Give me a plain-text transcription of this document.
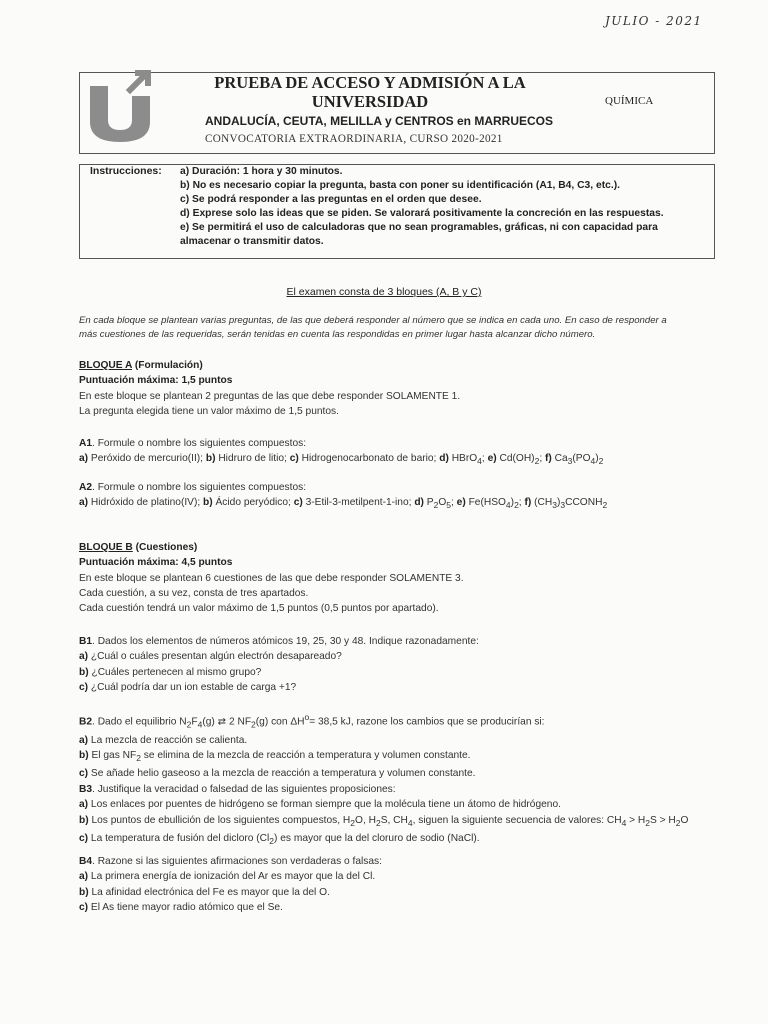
JULIO - 2021
PRUEBA DE ACCESO Y ADMISIÓN A LA
UNIVERSIDAD
ANDALUCÍA, CEUTA, MELILLA y CENTROS en MARRUECOS
CONVOCATORIA EXTRAORDINARIA, CURSO 2020-2021
QUÍMICA
Instrucciones: a) Duración: 1 hora y 30 minutos.
b) No es necesario copiar la pregunta, basta con poner su identificación (A1, B4, C3, etc.).
c) Se podrá responder a las preguntas en el orden que desee.
d) Exprese solo las ideas que se piden. Se valorará positivamente la concreción en las respuestas.
e) Se permitirá el uso de calculadoras que no sean programables, gráficas, ni con capacidad para
almacenar o transmitir datos.
El examen consta de 3 bloques (A, B y C)
En cada bloque se plantean varias preguntas, de las que deberá responder al número que se indica en cada uno. En caso de responder a
más cuestiones de las requeridas, serán tenidas en cuenta las respondidas en primer lugar hasta alcanzar dicho número.
BLOQUE A (Formulación)
Puntuación máxima: 1,5 puntos
En este bloque se plantean 2 preguntas de las que debe responder SOLAMENTE 1.
La pregunta elegida tiene un valor máximo de 1,5 puntos.
A1. Formule o nombre los siguientes compuestos:
a) Peróxido de mercurio(II); b) Hidruro de litio; c) Hidrogenocarbonato de bario; d) HBrO$_4$; e) $Cd(OH)_2$; f) $Ca_3(PO_4)_2$
A2. Formule o nombre los siguientes compuestos:
a) Hidróxido de platino(IV); b) Ácido peryódico; c) 3-Etil-3-metilpent-1-ino; d) $P_2O_5$; e) $Fe(HSO_4)_2$; f) $(CH_3)_3CCONH_2$
BLOQUE B (Cuestiones)
Puntuación máxima: 4,5 puntos
En este bloque se plantean 6 cuestiones de las que debe responder SOLAMENTE 3.
Cada cuestión, a su vez, consta de tres apartados.
Cada cuestión tendrá un valor máximo de 1,5 puntos (0,5 puntos por apartado).
B1. Dados los elementos de números atómicos 19, 25, 30 y 48. Indique razonadamente:
a) ¿Cuál o cuáles presentan algún electrón desapareado?
b) ¿Cuáles pertenecen al mismo grupo?
c) ¿Cuál podría dar un ion estable de carga +1?
B2. Dado el equilibrio $N_2F_4(g)$ ⇄ 2 $NF_2(g)$ con $\Delta H^o= 38,5$ kJ, razone los cambios que se producirían si:
a) La mezcla de reacción se calienta.
b) El gas $NF_2$ se elimina de la mezcla de reacción a temperatura y volumen constante.
c) Se añade helio gaseoso a la mezcla de reacción a temperatura y volumen constante.
B3. Justifique la veracidad o falsedad de las siguientes proposiciones:
a) Los enlaces por puentes de hidrógeno se forman siempre que la molécula tiene un átomo de hidrógeno.
b) Los puntos de ebullición de los siguientes compuestos, $H_2O$, $H_2S$, $CH_4$, siguen la siguiente secuencia de valores: $CH_4 > H_2S > H_2O$
c) La temperatura de fusión del dicloro $(Cl_2)$ es mayor que la del cloruro de sodio (NaCl).
B4. Razone si las siguientes afirmaciones son verdaderas o falsas:
a) La primera energía de ionización del Ar es mayor que la del Cl.
b) La afinidad electrónica del Fe es mayor que la del O.
c) El As tiene mayor radio atómico que el Se.
